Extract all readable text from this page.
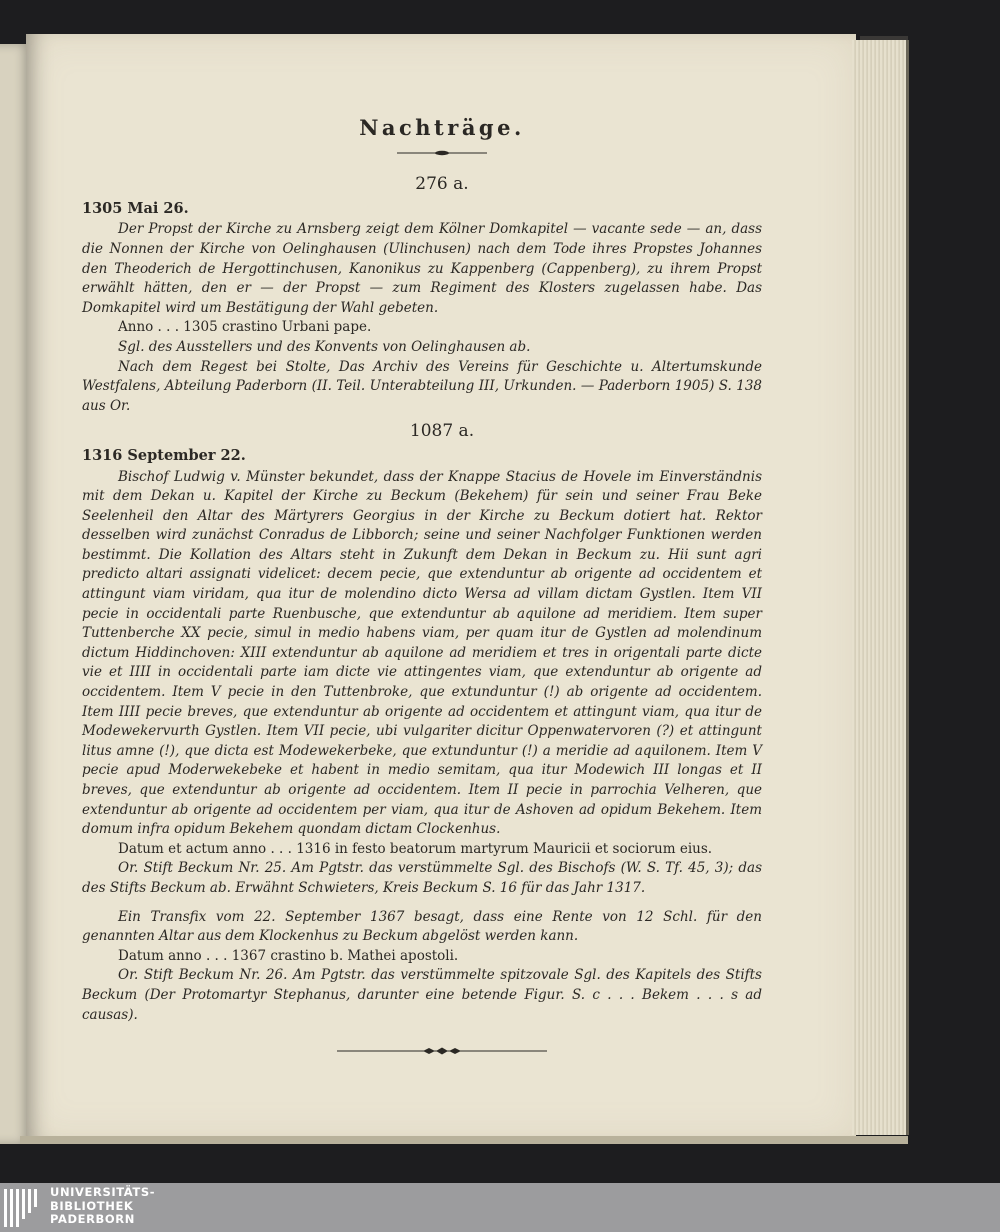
Nachträge.
276 a.
1305 Mai 26.

Der Propst der Kirche zu Arnsberg zeigt dem Kölner Domkapitel — vacante sede — an, dass die Nonnen der Kirche von Oelinghausen (Ulinchusen) nach dem Tode ihres Propstes Johannes den Theoderich de Hergottinchusen, Kanonikus zu Kappenberg (Cappenberg), zu ihrem Propst erwählt hätten, den er — der Propst — zum Regiment des Klosters zugelassen habe. Das Domkapitel wird um Bestätigung der Wahl gebeten.

Anno . . . 1305 crastino Urbani pape.

Sgl. des Ausstellers und des Konvents von Oelinghausen ab.

Nach dem Regest bei Stolte, Das Archiv des Vereins für Geschichte u. Altertumskunde Westfalens, Abteilung Paderborn (II. Teil. Unterabteilung III, Urkunden. — Paderborn 1905) S. 138 aus Or.

1087 a.
1316 September 22.

Bischof Ludwig v. Münster bekundet, dass der Knappe Stacius de Hovele im Einverständnis mit dem Dekan u. Kapitel der Kirche zu Beckum (Bekehem) für sein und seiner Frau Beke Seelenheil den Altar des Märtyrers Georgius in der Kirche zu Beckum dotiert hat. Rektor desselben wird zunächst Conradus de Libborch; seine und seiner Nachfolger Funktionen werden bestimmt. Die Kollation des Altars steht in Zukunft dem Dekan in Beckum zu. Hii sunt agri predicto altari assignati videlicet: decem pecie, que extenduntur ab origente ad occidentem et attingunt viam viridam, qua itur de molendino dicto Wersa ad villam dictam Gystlen. Item VII pecie in occidentali parte Ruenbusche, que extenduntur ab aquilone ad meridiem. Item super Tuttenberche XX pecie, simul in medio habens viam, per quam itur de Gystlen ad molendinum dictum Hiddinchoven: XIII extenduntur ab aquilone ad meridiem et tres in origentali parte dicte vie et IIII in occidentali parte iam dicte vie attingentes viam, que extenduntur ab origente ad occidentem. Item V pecie in den Tuttenbroke, que extunduntur (!) ab origente ad occidentem. Item IIII pecie breves, que extenduntur ab origente ad occidentem et attingunt viam, qua itur de Modewekervurth Gystlen. Item VII pecie, ubi vulgariter dicitur Oppenwatervoren (?) et attingunt litus amne (!), que dicta est Modewekerbeke, que extunduntur (!) a meridie ad aquilonem. Item V pecie apud Moderwekebeke et habent in medio semitam, qua itur Modewich III longas et II breves, que extenduntur ab origente ad occidentem. Item II pecie in parrochia Velheren, que extenduntur ab origente ad occidentem per viam, qua itur de Ashoven ad opidum Bekehem. Item domum infra opidum Bekehem quondam dictam Clockenhus.

Datum et actum anno . . . 1316 in festo beatorum martyrum Mauricii et sociorum eius.

Or. Stift Beckum Nr. 25. Am Pgtstr. das verstümmelte Sgl. des Bischofs (W. S. Tf. 45, 3); das des Stifts Beckum ab. Erwähnt Schwieters, Kreis Beckum S. 16 für das Jahr 1317.

Ein Transfix vom 22. September 1367 besagt, dass eine Rente von 12 Schl. für den genannten Altar aus dem Klockenhus zu Beckum abgelöst werden kann.

Datum anno . . . 1367 crastino b. Mathei apostoli.

Or. Stift Beckum Nr. 26. Am Pgtstr. das verstümmelte spitzovale Sgl. des Kapitels des Stifts Beckum (Der Protomartyr Stephanus, darunter eine betende Figur. S. c . . . Bekem . . . s ad causas).

UNIVERSITÄTS-
BIBLIOTHEK
PADERBORN
